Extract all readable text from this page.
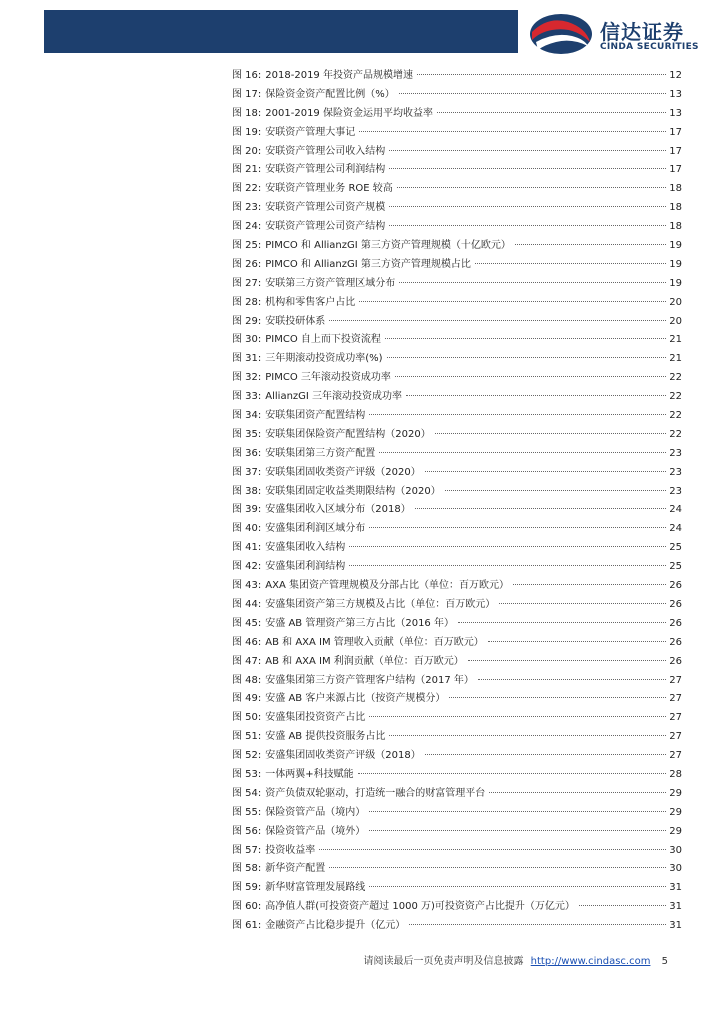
信达证券
CINDA SECURITIES
图 16: 2018-2019 年投资产品规模增速	12
图 17: 保险资金资产配置比例（%）	13
图 18: 2001-2019 保险资金运用平均收益率	13
图 19: 安联资产管理大事记	17
图 20: 安联资产管理公司收入结构	17
图 21: 安联资产管理公司利润结构	17
图 22: 安联资产管理业务 ROE 较高	18
图 23: 安联资产管理公司资产规模	18
图 24: 安联资产管理公司资产结构	18
图 25: PIMCO 和 AllianzGI 第三方资产管理规模（十亿欧元）	19
图 26: PIMCO 和 AllianzGI 第三方资产管理规模占比	19
图 27: 安联第三方资产管理区域分布	19
图 28: 机构和零售客户占比	20
图 29: 安联投研体系	20
图 30: PIMCO 自上而下投资流程	21
图 31: 三年期滚动投资成功率(%)	21
图 32: PIMCO 三年滚动投资成功率	22
图 33: AllianzGI 三年滚动投资成功率	22
图 34: 安联集团资产配置结构	22
图 35: 安联集团保险资产配置结构（2020）	22
图 36: 安联集团第三方资产配置	23
图 37: 安联集团固收类资产评级（2020）	23
图 38: 安联集团固定收益类期限结构（2020）	23
图 39: 安盛集团收入区域分布（2018）	24
图 40: 安盛集团利润区域分布	24
图 41: 安盛集团收入结构	25
图 42: 安盛集团利润结构	25
图 43: AXA 集团资产管理规模及分部占比（单位：百万欧元）	26
图 44: 安盛集团资产第三方规模及占比（单位：百万欧元）	26
图 45: 安盛 AB 管理资产第三方占比（2016 年）	26
图 46: AB 和 AXA IM 管理收入贡献（单位：百万欧元）	26
图 47: AB 和 AXA IM 利润贡献（单位：百万欧元）	26
图 48: 安盛集团第三方资产管理客户结构（2017 年）	27
图 49: 安盛 AB 客户来源占比（按资产规模分）	27
图 50: 安盛集团投资资产占比	27
图 51: 安盛 AB 提供投资服务占比	27
图 52: 安盛集团固收类资产评级（2018）	27
图 53: 一体两翼+科技赋能	28
图 54: 资产负债双轮驱动，打造统一融合的财富管理平台	29
图 55: 保险资管产品（境内）	29
图 56: 保险资管产品（境外）	29
图 57: 投资收益率	30
图 58: 新华资产配置	30
图 59: 新华财富管理发展路线	31
图 60: 高净值人群(可投资资产超过 1000 万)可投资资产占比提升（万亿元）	31
图 61: 金融资产占比稳步提升（亿元）	31
请阅读最后一页免责声明及信息披露 http://www.cindasc.com 5
